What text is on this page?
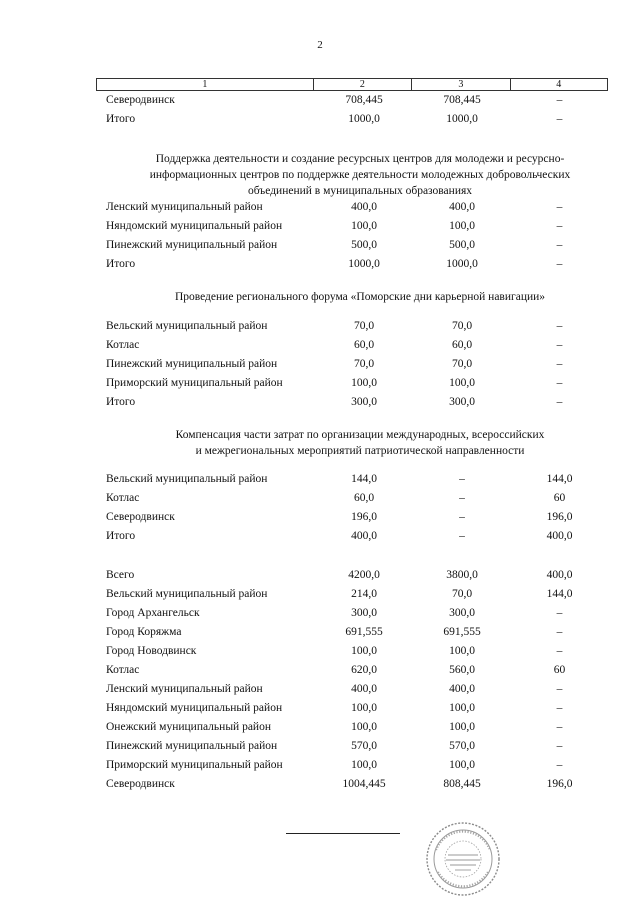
2
1	2	3	4
Поддержка деятельности и создание ресурсных центров для молодежи и ресурсно-
информационных центров по поддержке деятельности молодежных добровольческих
объединений в муниципальных образованиях
Проведение регионального форума «Поморские дни карьерной навигации»
Компенсация части затрат по организации международных, всероссийских
и межрегиональных мероприятий патриотической направленности
Северодвинск	708,445	708,445	–
Итого	1000,0	1000,0	–
Ленский муниципальный район	400,0	400,0	–
Няндомский муниципальный район	100,0	100,0	–
Пинежский муниципальный район	500,0	500,0	–
Итого	1000,0	1000,0	–
Вельский муниципальный район	70,0	70,0	–
Котлас	60,0	60,0	–
Пинежский муниципальный район	70,0	70,0	–
Приморский муниципальный район	100,0	100,0	–
Итого	300,0	300,0	–
Вельский муниципальный район	144,0	–	144,0
Котлас	60,0	–	60
Северодвинск	196,0	–	196,0
Итого	400,0	–	400,0
Всего	4200,0	3800,0	400,0
Вельский муниципальный район	214,0	70,0	144,0
Город Архангельск	300,0	300,0	–
Город Коряжма	691,555	691,555	–
Город Новодвинск	100,0	100,0	–
Котлас	620,0	560,0	60
Ленский муниципальный район	400,0	400,0	–
Няндомский муниципальный район	100,0	100,0	–
Онежский муниципальный район	100,0	100,0	–
Пинежский муниципальный район	570,0	570,0	–
Приморский муниципальный район	100,0	100,0	–
Северодвинск	1004,445	808,445	196,0
